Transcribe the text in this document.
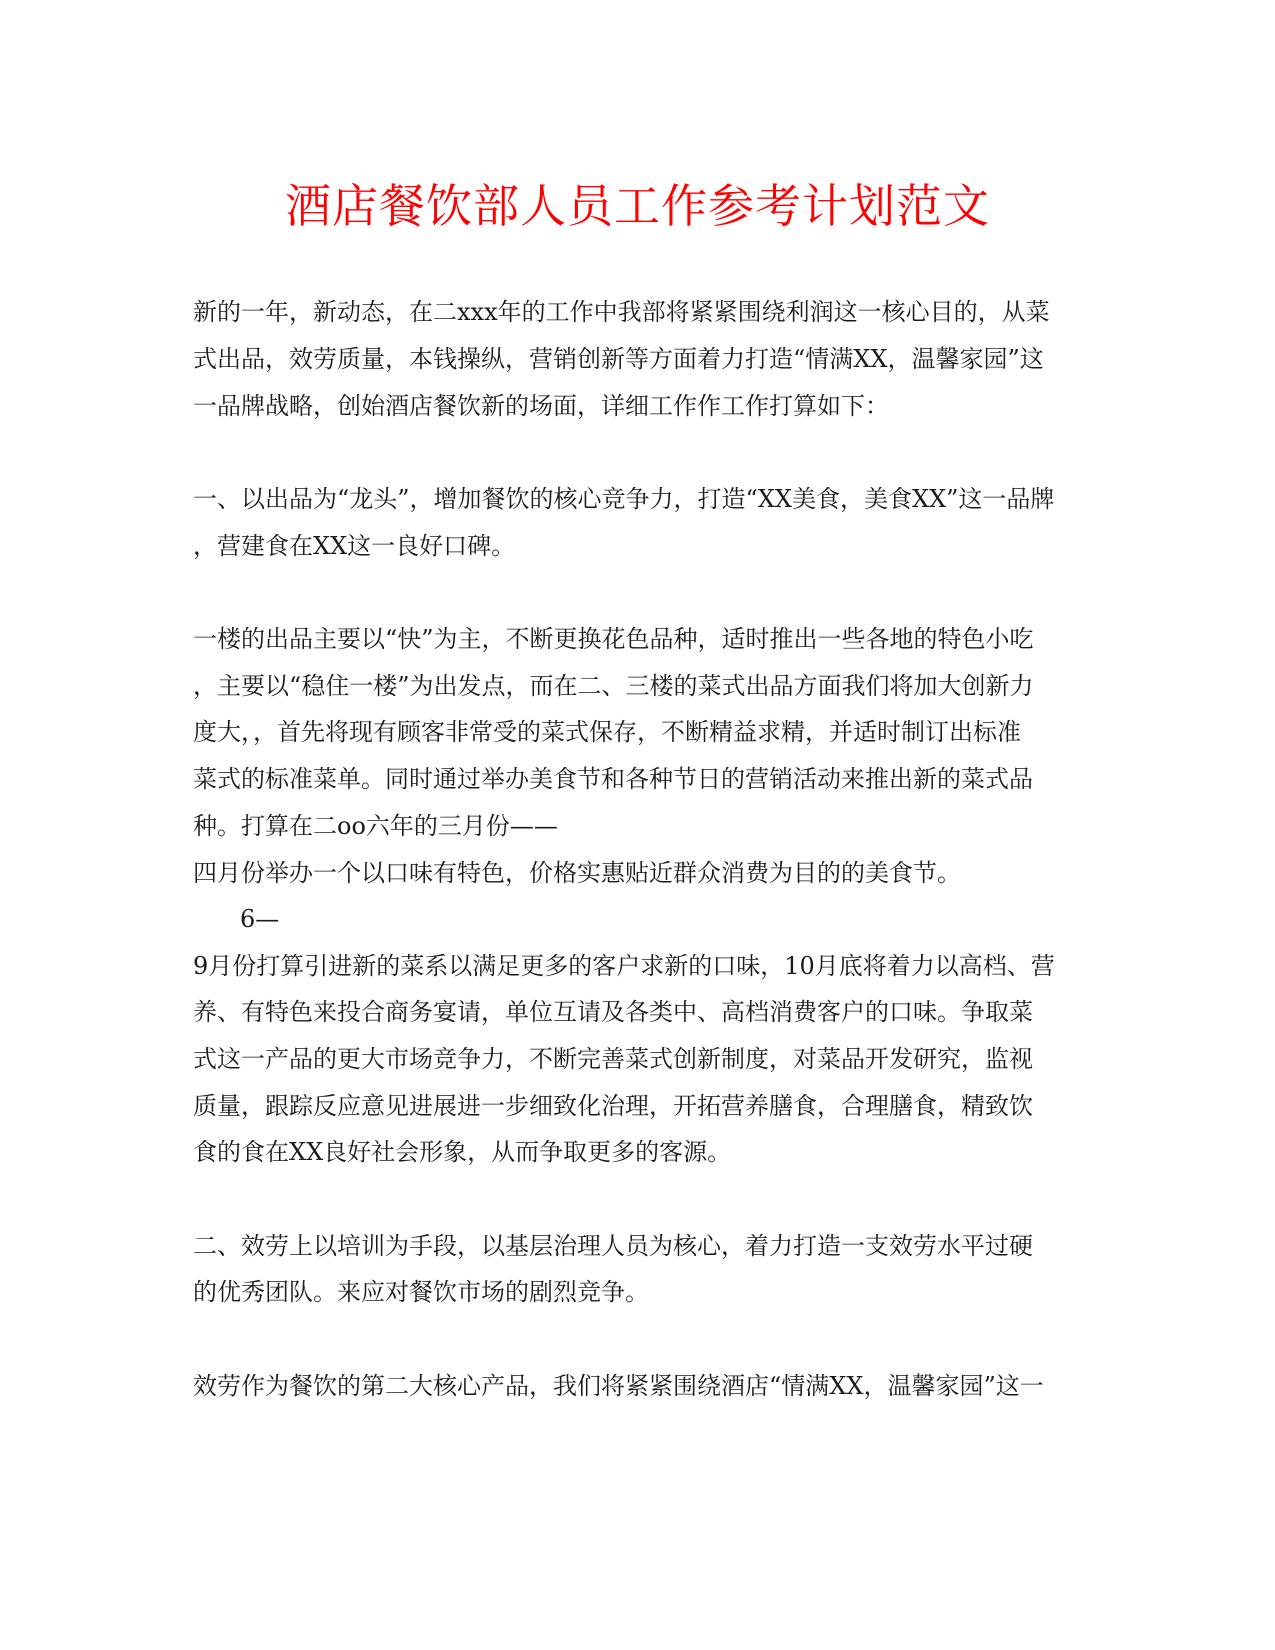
酒店餐饮部人员工作参考计划范文
新的一年，新动态，在二xxx年的工作中我部将紧紧围绕利润这一核心目的，从菜
式出品，效劳质量，本钱操纵，营销创新等方面着力打造“情满XX，温馨家园”这
一品牌战略，创始酒店餐饮新的场面，详细工作作工作打算如下：
一、以出品为“龙头”，增加餐饮的核心竞争力，打造“XX美食，美食XX”这一品牌
，营建食在XX这一良好口碑。
一楼的出品主要以“快”为主，不断更换花色品种，适时推出一些各地的特色小吃
，主要以“稳住一楼”为出发点，而在二、三楼的菜式出品方面我们将加大创新力
度大，，首先将现有顾客非常受的菜式保存，不断精益求精，并适时制订出标准
菜式的标准菜单。同时通过举办美食节和各种节日的营销活动来推出新的菜式品
种。打算在二oo六年的三月份——
四月份举办一个以口味有特色，价格实惠贴近群众消费为目的的美食节。
6—
9月份打算引进新的菜系以满足更多的客户求新的口味，10月底将着力以高档、营
养、有特色来投合商务宴请，单位互请及各类中、高档消费客户的口味。争取菜
式这一产品的更大市场竞争力，不断完善菜式创新制度，对菜品开发研究，监视
质量，跟踪反应意见进展进一步细致化治理，开拓营养膳食，合理膳食，精致饮
食的食在XX良好社会形象，从而争取更多的客源。
二、效劳上以培训为手段，以基层治理人员为核心，着力打造一支效劳水平过硬
的优秀团队。来应对餐饮市场的剧烈竞争。
效劳作为餐饮的第二大核心产品，我们将紧紧围绕酒店“情满XX，温馨家园”这一
